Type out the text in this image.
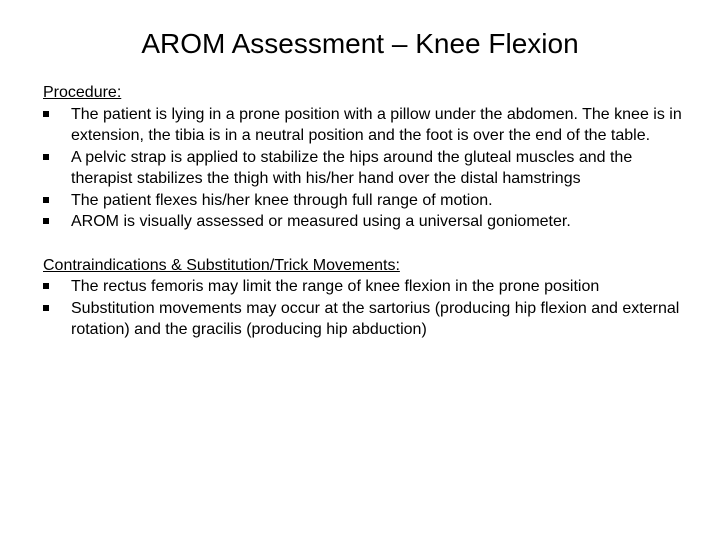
AROM Assessment – Knee Flexion

Procedure:

The patient is lying in a prone position with a pillow under the abdomen. The knee is in extension, the tibia is in a neutral position and the foot is over the end of the table.
A pelvic strap is applied to stabilize the hips around the gluteal muscles and the therapist stabilizes the thigh with his/her hand over the distal hamstrings
The patient flexes his/her knee through full range of motion.
AROM is visually assessed or measured using a universal goniometer.

Contraindications & Substitution/Trick Movements:

The rectus femoris may limit the range of knee flexion in the prone position
Substitution movements may occur at the sartorius (producing hip flexion and external rotation) and the gracilis (producing hip abduction)
